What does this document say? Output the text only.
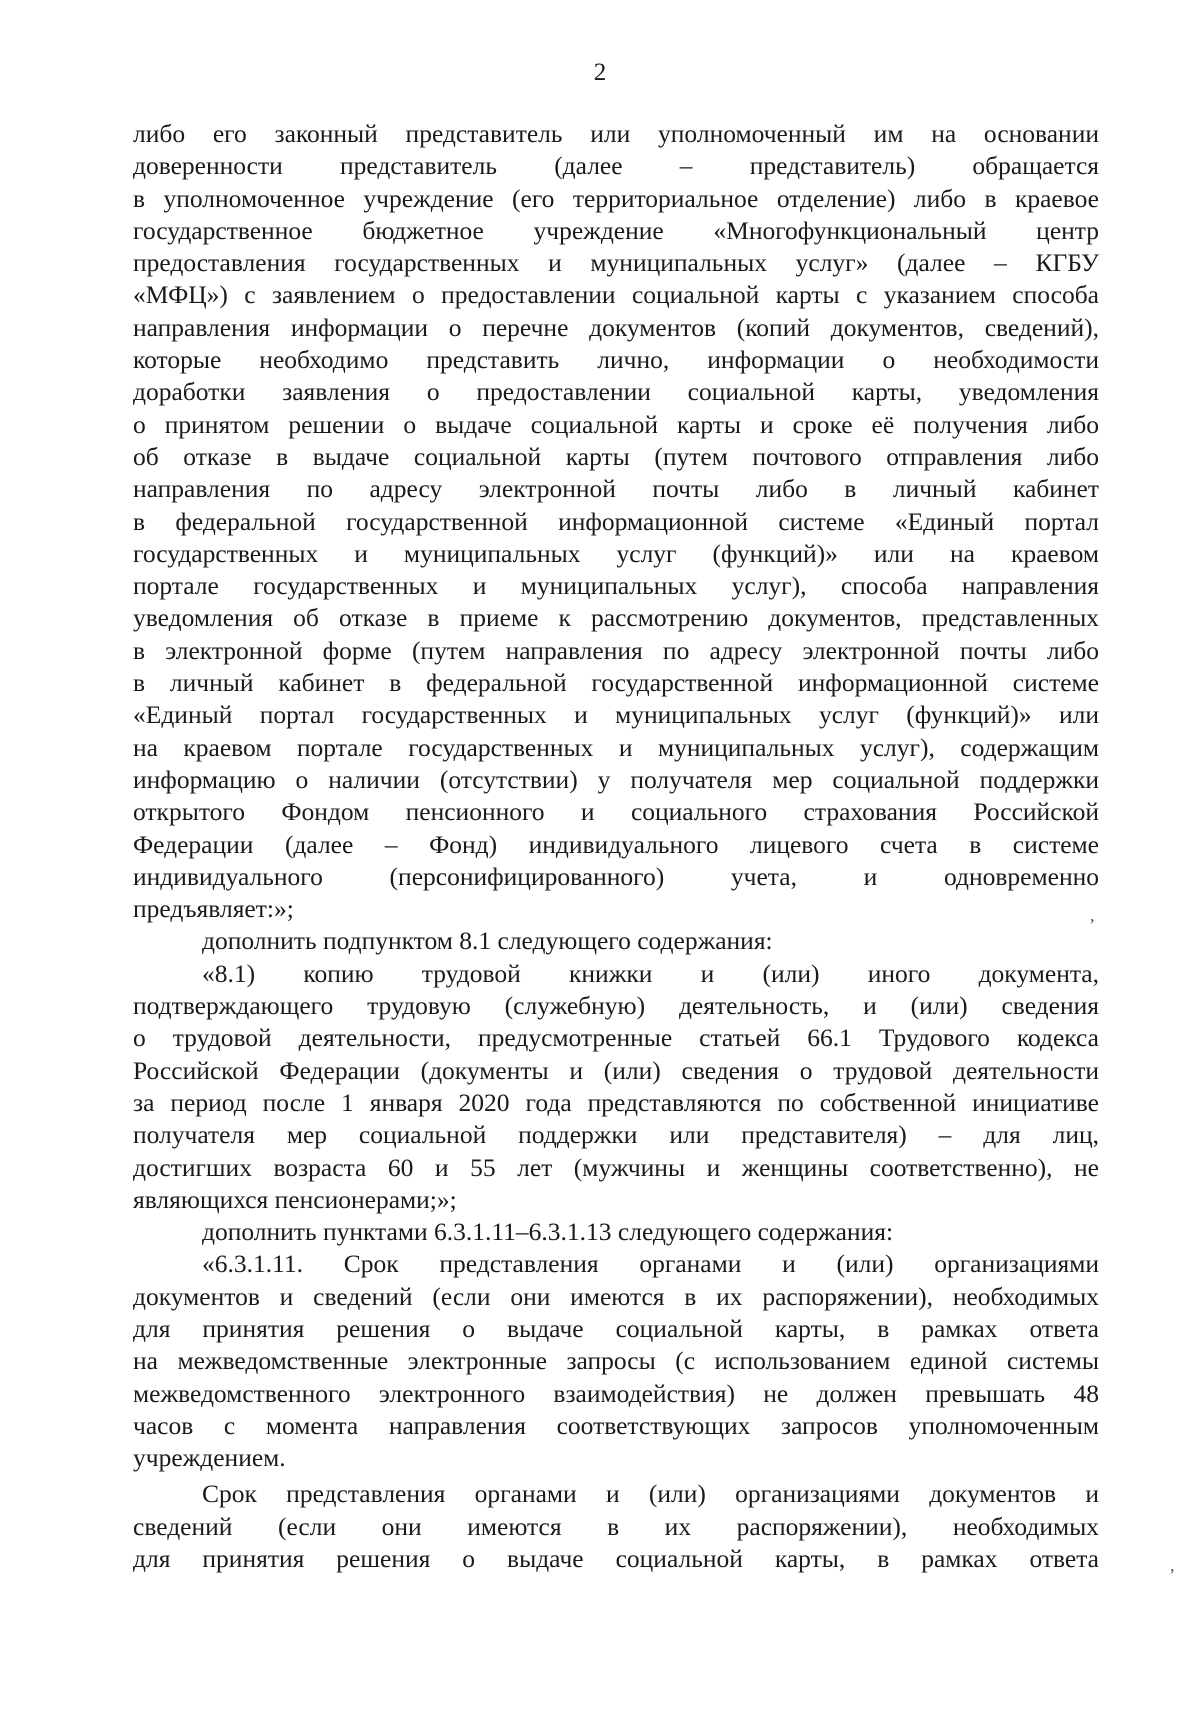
2
либо его законный представитель или уполномоченный им на основании
доверенности представитель (далее – представитель) обращается
в уполномоченное учреждение (его территориальное отделение) либо в краевое
государственное бюджетное учреждение «Многофункциональный центр
предоставления государственных и муниципальных услуг» (далее – КГБУ
«МФЦ») с заявлением о предоставлении социальной карты с указанием способа
направления информации о перечне документов (копий документов, сведений),
которые необходимо представить лично, информации о необходимости
доработки заявления о предоставлении социальной карты, уведомления
о принятом решении о выдаче социальной карты и сроке её получения либо
об отказе в выдаче социальной карты (путем почтового отправления либо
направления по адресу электронной почты либо в личный кабинет
в федеральной государственной информационной системе «Единый портал
государственных и муниципальных услуг (функций)» или на краевом
портале государственных и муниципальных услуг), способа направления
уведомления об отказе в приеме к рассмотрению документов, представленных
в электронной форме (путем направления по адресу электронной почты либо
в личный кабинет в федеральной государственной информационной системе
«Единый портал государственных и муниципальных услуг (функций)» или
на краевом портале государственных и муниципальных услуг), содержащим
информацию о наличии (отсутствии) у получателя мер социальной поддержки
открытого Фондом пенсионного и социального страхования Российской
Федерации (далее – Фонд) индивидуального лицевого счета в системе
индивидуального (персонифицированного) учета, и одновременно
предъявляет:»;
дополнить подпунктом 8.1 следующего содержания:
«8.1) копию трудовой книжки и (или) иного документа,
подтверждающего трудовую (служебную) деятельность, и (или) сведения
о трудовой деятельности, предусмотренные статьей 66.1 Трудового кодекса
Российской Федерации (документы и (или) сведения о трудовой деятельности
за период после 1 января 2020 года представляются по собственной инициативе
получателя мер социальной поддержки или представителя) – для лиц,
достигших возраста 60 и 55 лет (мужчины и женщины соответственно), не
являющихся пенсионерами;»;
дополнить пунктами 6.3.1.11–6.3.1.13 следующего содержания:
«6.3.1.11. Срок представления органами и (или) организациями
документов и сведений (если они имеются в их распоряжении), необходимых
для принятия решения о выдаче социальной карты, в рамках ответа
на межведомственные электронные запросы (с использованием единой системы
межведомственного электронного взаимодействия) не должен превышать 48
часов с момента направления соответствующих запросов уполномоченным
учреждением.
Срок представления органами и (или) организациями документов и
сведений (если они имеются в их распоряжении), необходимых
для принятия решения о выдаче социальной карты, в рамках ответа
,
,
